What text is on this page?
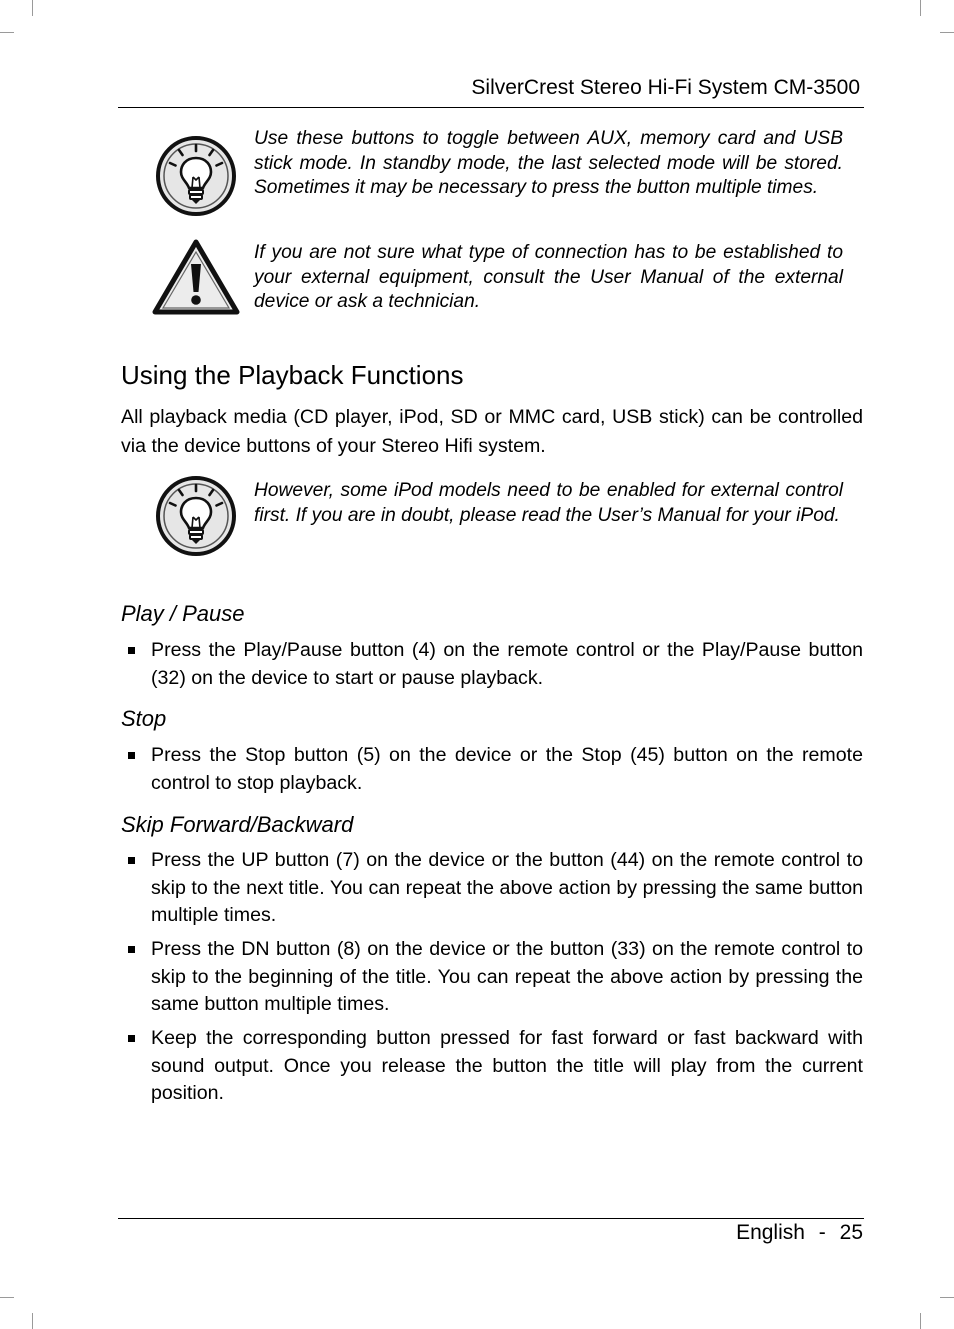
SilverCrest Stereo Hi-Fi System CM-3500
Use these buttons to toggle between AUX, memory card and USB stick mode. In standby mode, the last selected mode will be stored. Sometimes it may be necessary to press the button multiple times.
If you are not sure what type of connection has to be established to your external equipment, consult the User Manual of the external device or ask a technician.
Using the Playback Functions
All playback media (CD player, iPod, SD or MMC card, USB stick) can be controlled via the device buttons of your Stereo Hifi system.
However, some iPod models need to be enabled for external control first. If you are in doubt, please read the User’s Manual for your iPod.
Play / Pause
Press the Play/Pause button (4) on the remote control or the Play/Pause button (32) on the device to start or pause playback.
Stop
Press the Stop button (5) on the device or the Stop (45) button on the remote control to stop playback.
Skip Forward/Backward
Press the UP button (7) on the device or the button (44) on the remote control to skip to the next title. You can repeat the above action by pressing the same button multiple times.
Press the DN button (8) on the device or the button (33) on the remote control to skip to the beginning of the title. You can repeat the above action by pressing the same button multiple times.
Keep the corresponding button pressed for fast forward or fast backward with sound output. Once you release the button the title will play from the current position.
English - 25
